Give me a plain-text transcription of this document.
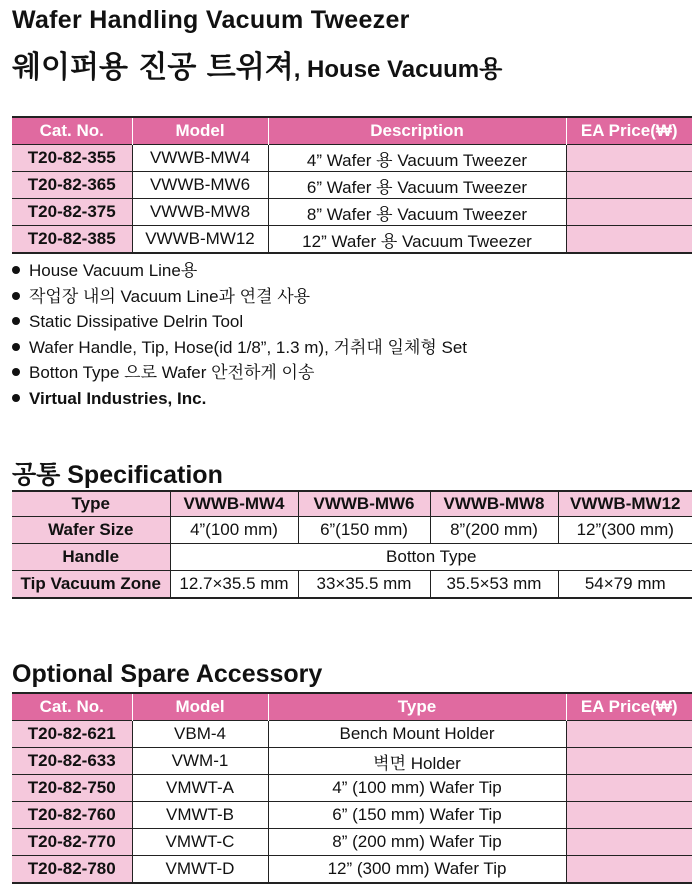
Wafer Handling Vacuum Tweezer
웨이퍼용 진공 트위져, House Vacuum용
Cat. No.	Model	Description	EA Price(₩)
T20-82-355	VWWB-MW4	4” Wafer 용 Vacuum Tweezer	
T20-82-365	VWWB-MW6	6” Wafer 용 Vacuum Tweezer	
T20-82-375	VWWB-MW8	8” Wafer 용 Vacuum Tweezer	
T20-82-385	VWWB-MW12	12” Wafer 용 Vacuum Tweezer	
House Vacuum Line용
작업장 내의 Vacuum Line과 연결 사용
Static Dissipative Delrin Tool
Wafer Handle, Tip, Hose(id 1/8”, 1.3 m), 거취대 일체형 Set
Botton Type 으로 Wafer 안전하게 이송
Virtual Industries, Inc.
공통 Specification
Type	VWWB-MW4	VWWB-MW6	VWWB-MW8	VWWB-MW12
Wafer Size	4”(100 mm)	6”(150 mm)	8”(200 mm)	12”(300 mm)
Handle	Botton Type			
Tip Vacuum Zone	12.7×35.5 mm	33×35.5 mm	35.5×53 mm	54×79 mm
Optional Spare Accessory
Cat. No.	Model	Type	EA Price(₩)
T20-82-621	VBM-4	Bench Mount Holder	
T20-82-633	VWM-1	벽면 Holder	
T20-82-750	VMWT-A	4” (100 mm) Wafer Tip	
T20-82-760	VMWT-B	6” (150 mm) Wafer Tip	
T20-82-770	VMWT-C	8” (200 mm) Wafer Tip	
T20-82-780	VMWT-D	12” (300 mm) Wafer Tip	
